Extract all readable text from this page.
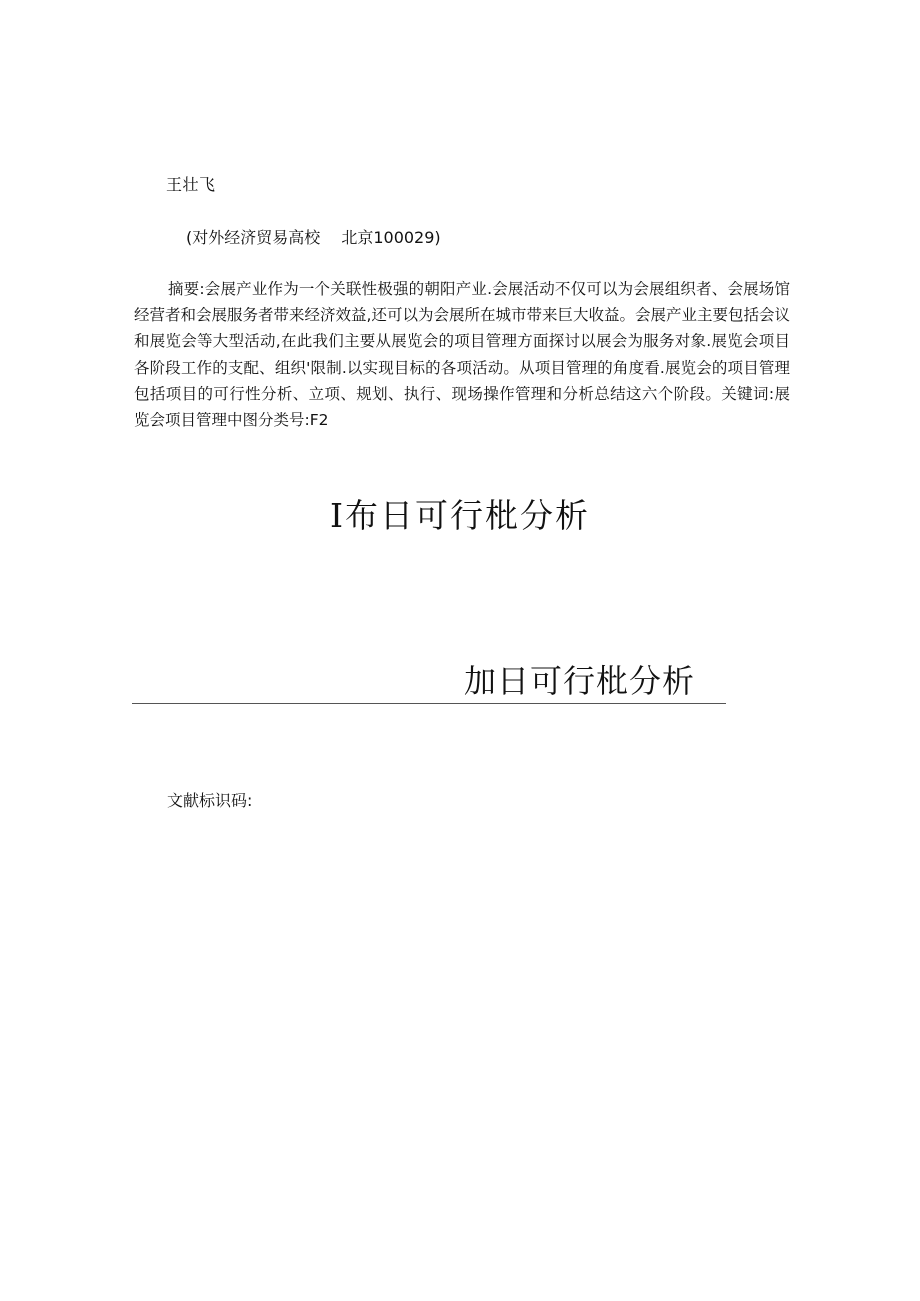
王壮飞
(对外经济贸易高校　 北京100029)

摘要:会展产业作为一个关联性极强的朝阳产业.会展活动不仅可以为会展组织者、会展场馆经营者和会展服务者带来经济效益,还可以为会展所在城市带来巨大收益。会展产业主要包括会议和展览会等大型活动,在此我们主要从展览会的项目管理方面探讨以展会为服务对象.展览会项目各阶段工作的支配、组织'限制.以实现目标的各项活动。从项目管理的角度看.展览会的项目管理包括项目的可行性分析、立项、规划、执行、现场操作管理和分析总结这六个阶段。关键词:展览会项目管理中图分类号:F2

I布日可行枇分析
加日可行枇分析
文献标识码:
